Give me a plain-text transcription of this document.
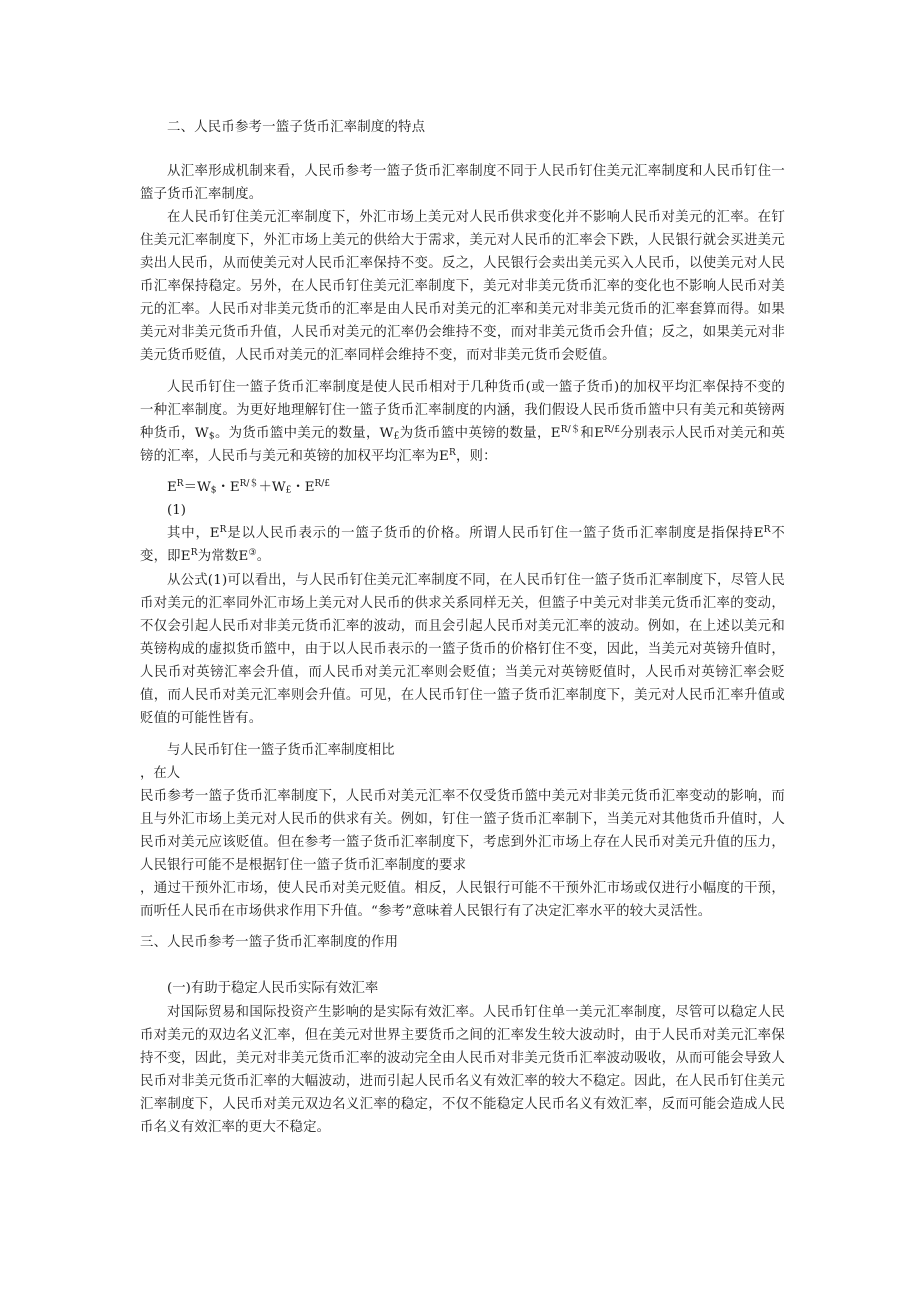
二、人民币参考一篮子货币汇率制度的特点
从汇率形成机制来看，人民币参考一篮子货币汇率制度不同于人民币钉住美元汇率制度和人民币钉住一篮子货币汇率制度。
在人民币钉住美元汇率制度下，外汇市场上美元对人民币供求变化并不影响人民币对美元的汇率。在钉住美元汇率制度下，外汇市场上美元的供给大于需求，美元对人民币的汇率会下跌，人民银行就会买进美元卖出人民币，从而使美元对人民币汇率保持不变。反之，人民银行会卖出美元买入人民币，以使美元对人民币汇率保持稳定。另外，在人民币钉住美元汇率制度下，美元对非美元货币汇率的变化也不影响人民币对美元的汇率。人民币对非美元货币的汇率是由人民币对美元的汇率和美元对非美元货币的汇率套算而得。如果美元对非美元货币升值，人民币对美元的汇率仍会维持不变，而对非美元货币会升值；反之，如果美元对非美元货币贬值，人民币对美元的汇率同样会维持不变，而对非美元货币会贬值。
人民币钉住一篮子货币汇率制度是使人民币相对于几种货币(或一篮子货币)的加权平均汇率保持不变的一种汇率制度。为更好地理解钉住一篮子货币汇率制度的内涵，我们假设人民币货币篮中只有美元和英镑两种货币，$W_{\$}$。为货币篮中美元的数量，$W_£$为货币篮中英镑的数量，$E^{R/\$}$和$E^{R/£}$分别表示人民币对美元和英镑的汇率，人民币与美元和英镑的加权平均汇率为$E^R$，则：
$E^R=W_{\$}$・$E^{R/\$}+W_£$・$E^{R/£}$
(1)
其中，$E^R$是以人民币表示的一篮子货币的价格。所谓人民币钉住一篮子货币汇率制度是指保持$E^R$不变，即$E^R$为常数E③。
从公式(1)可以看出，与人民币钉住美元汇率制度不同，在人民币钉住一篮子货币汇率制度下，尽管人民币对美元的汇率同外汇市场上美元对人民币的供求关系同样无关，但篮子中美元对非美元货币汇率的变动，不仅会引起人民币对非美元货币汇率的波动，而且会引起人民币对美元汇率的波动。例如，在上述以美元和英镑构成的虚拟货币篮中，由于以人民币表示的一篮子货币的价格钉住不变，因此，当美元对英镑升值时，人民币对英镑汇率会升值，而人民币对美元汇率则会贬值；当美元对英镑贬值时，人民币对英镑汇率会贬值，而人民币对美元汇率则会升值。可见，在人民币钉住一篮子货币汇率制度下，美元对人民币汇率升值或贬值的可能性皆有。
与人民币钉住一篮子货币汇率制度相比
，在人
民币参考一篮子货币汇率制度下，人民币对美元汇率不仅受货币篮中美元对非美元货币汇率变动的影响，而且与外汇市场上美元对人民币的供求有关。例如，钉住一篮子货币汇率制下，当美元对其他货币升值时，人民币对美元应该贬值。但在参考一篮子货币汇率制度下，考虑到外汇市场上存在人民币对美元升值的压力，人民银行可能不是根据钉住一篮子货币汇率制度的要求
，通过干预外汇市场，使人民币对美元贬值。相反，人民银行可能不干预外汇市场或仅进行小幅度的干预，而听任人民币在市场供求作用下升值。“参考”意味着人民银行有了决定汇率水平的较大灵活性。
三、人民币参考一篮子货币汇率制度的作用
(一)有助于稳定人民币实际有效汇率
对国际贸易和国际投资产生影响的是实际有效汇率。人民币钉住单一美元汇率制度，尽管可以稳定人民币对美元的双边名义汇率，但在美元对世界主要货币之间的汇率发生较大波动时，由于人民币对美元汇率保持不变，因此，美元对非美元货币汇率的波动完全由人民币对非美元货币汇率波动吸收，从而可能会导致人民币对非美元货币汇率的大幅波动，进而引起人民币名义有效汇率的较大不稳定。因此，在人民币钉住美元汇率制度下，人民币对美元双边名义汇率的稳定，不仅不能稳定人民币名义有效汇率，反而可能会造成人民币名义有效汇率的更大不稳定。
